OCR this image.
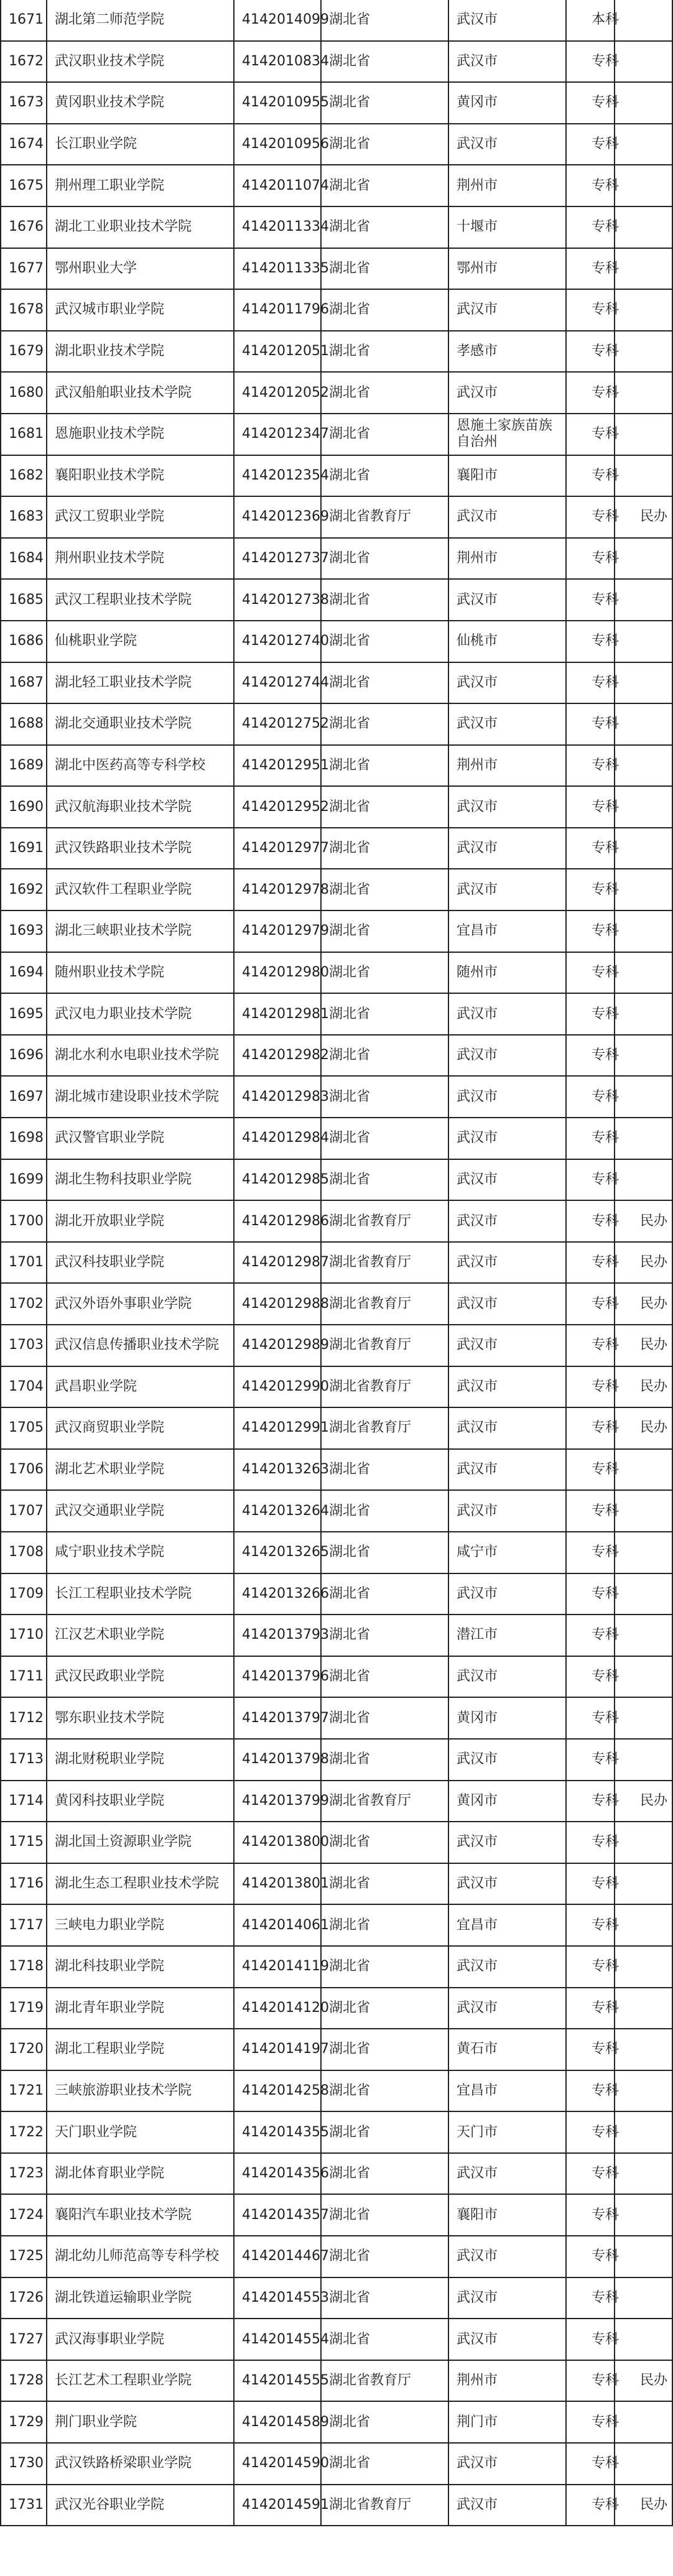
1671	湖北第二师范学院	4142014099	湖北省	武汉市	本科	
1672	武汉职业技术学院	4142010834	湖北省	武汉市	专科	
1673	黄冈职业技术学院	4142010955	湖北省	黄冈市	专科	
1674	长江职业学院	4142010956	湖北省	武汉市	专科	
1675	荆州理工职业学院	4142011074	湖北省	荆州市	专科	
1676	湖北工业职业技术学院	4142011334	湖北省	十堰市	专科	
1677	鄂州职业大学	4142011335	湖北省	鄂州市	专科	
1678	武汉城市职业学院	4142011796	湖北省	武汉市	专科	
1679	湖北职业技术学院	4142012051	湖北省	孝感市	专科	
1680	武汉船舶职业技术学院	4142012052	湖北省	武汉市	专科	
1681	恩施职业技术学院	4142012347	湖北省	恩施土家族苗族自治州	专科	
1682	襄阳职业技术学院	4142012354	湖北省	襄阳市	专科	
1683	武汉工贸职业学院	4142012369	湖北省教育厅	武汉市	专科	民办
1684	荆州职业技术学院	4142012737	湖北省	荆州市	专科	
1685	武汉工程职业技术学院	4142012738	湖北省	武汉市	专科	
1686	仙桃职业学院	4142012740	湖北省	仙桃市	专科	
1687	湖北轻工职业技术学院	4142012744	湖北省	武汉市	专科	
1688	湖北交通职业技术学院	4142012752	湖北省	武汉市	专科	
1689	湖北中医药高等专科学校	4142012951	湖北省	荆州市	专科	
1690	武汉航海职业技术学院	4142012952	湖北省	武汉市	专科	
1691	武汉铁路职业技术学院	4142012977	湖北省	武汉市	专科	
1692	武汉软件工程职业学院	4142012978	湖北省	武汉市	专科	
1693	湖北三峡职业技术学院	4142012979	湖北省	宜昌市	专科	
1694	随州职业技术学院	4142012980	湖北省	随州市	专科	
1695	武汉电力职业技术学院	4142012981	湖北省	武汉市	专科	
1696	湖北水利水电职业技术学院	4142012982	湖北省	武汉市	专科	
1697	湖北城市建设职业技术学院	4142012983	湖北省	武汉市	专科	
1698	武汉警官职业学院	4142012984	湖北省	武汉市	专科	
1699	湖北生物科技职业学院	4142012985	湖北省	武汉市	专科	
1700	湖北开放职业学院	4142012986	湖北省教育厅	武汉市	专科	民办
1701	武汉科技职业学院	4142012987	湖北省教育厅	武汉市	专科	民办
1702	武汉外语外事职业学院	4142012988	湖北省教育厅	武汉市	专科	民办
1703	武汉信息传播职业技术学院	4142012989	湖北省教育厅	武汉市	专科	民办
1704	武昌职业学院	4142012990	湖北省教育厅	武汉市	专科	民办
1705	武汉商贸职业学院	4142012991	湖北省教育厅	武汉市	专科	民办
1706	湖北艺术职业学院	4142013263	湖北省	武汉市	专科	
1707	武汉交通职业学院	4142013264	湖北省	武汉市	专科	
1708	咸宁职业技术学院	4142013265	湖北省	咸宁市	专科	
1709	长江工程职业技术学院	4142013266	湖北省	武汉市	专科	
1710	江汉艺术职业学院	4142013793	湖北省	潜江市	专科	
1711	武汉民政职业学院	4142013796	湖北省	武汉市	专科	
1712	鄂东职业技术学院	4142013797	湖北省	黄冈市	专科	
1713	湖北财税职业学院	4142013798	湖北省	武汉市	专科	
1714	黄冈科技职业学院	4142013799	湖北省教育厅	黄冈市	专科	民办
1715	湖北国土资源职业学院	4142013800	湖北省	武汉市	专科	
1716	湖北生态工程职业技术学院	4142013801	湖北省	武汉市	专科	
1717	三峡电力职业学院	4142014061	湖北省	宜昌市	专科	
1718	湖北科技职业学院	4142014119	湖北省	武汉市	专科	
1719	湖北青年职业学院	4142014120	湖北省	武汉市	专科	
1720	湖北工程职业学院	4142014197	湖北省	黄石市	专科	
1721	三峡旅游职业技术学院	4142014258	湖北省	宜昌市	专科	
1722	天门职业学院	4142014355	湖北省	天门市	专科	
1723	湖北体育职业学院	4142014356	湖北省	武汉市	专科	
1724	襄阳汽车职业技术学院	4142014357	湖北省	襄阳市	专科	
1725	湖北幼儿师范高等专科学校	4142014467	湖北省	武汉市	专科	
1726	湖北铁道运输职业学院	4142014553	湖北省	武汉市	专科	
1727	武汉海事职业学院	4142014554	湖北省	武汉市	专科	
1728	长江艺术工程职业学院	4142014555	湖北省教育厅	荆州市	专科	民办
1729	荆门职业学院	4142014589	湖北省	荆门市	专科	
1730	武汉铁路桥梁职业学院	4142014590	湖北省	武汉市	专科	
1731	武汉光谷职业学院	4142014591	湖北省教育厅	武汉市	专科	民办
